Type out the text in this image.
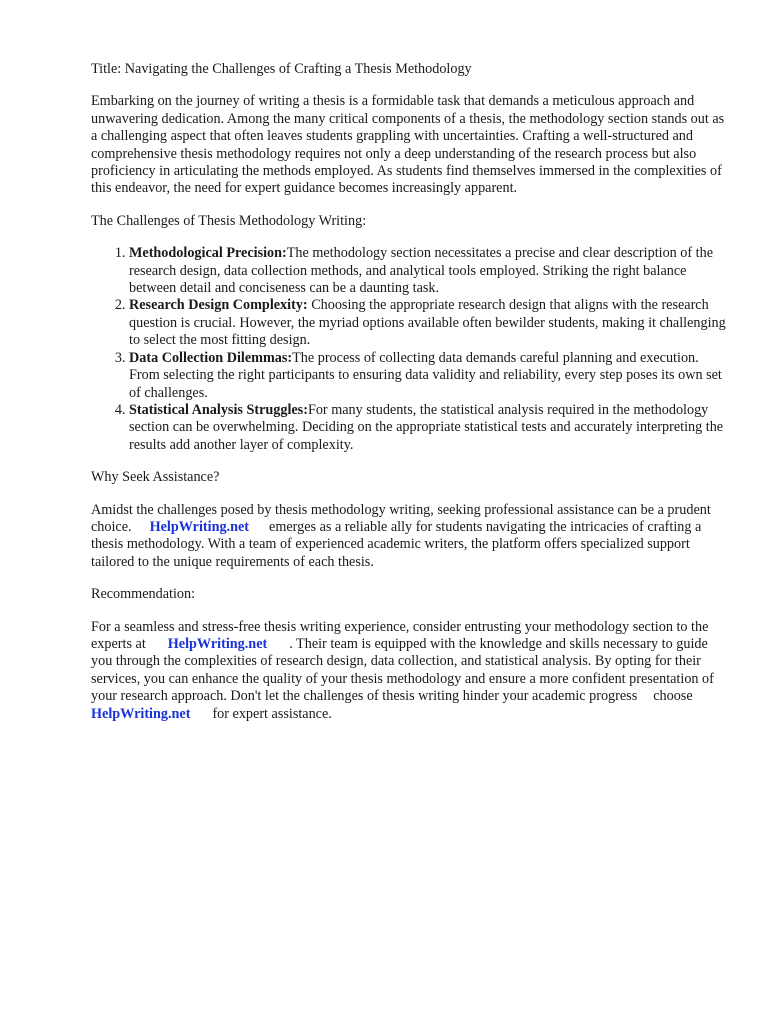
Title: Navigating the Challenges of Crafting a Thesis Methodology

Embarking on the journey of writing a thesis is a formidable task that demands a meticulous approach and unwavering dedication. Among the many critical components of a thesis, the methodology section stands out as a challenging aspect that often leaves students grappling with uncertainties. Crafting a well-structured and comprehensive thesis methodology requires not only a deep understanding of the research process but also proficiency in articulating the methods employed. As students find themselves immersed in the complexities of this endeavor, the need for expert guidance becomes increasingly apparent.

The Challenges of Thesis Methodology Writing:

1. Methodological Precision:The methodology section necessitates a precise and clear description of the research design, data collection methods, and analytical tools employed. Striking the right balance between detail and conciseness can be a daunting task.
2. Research Design Complexity: Choosing the appropriate research design that aligns with the research question is crucial. However, the myriad options available often bewilder students, making it challenging to select the most fitting design.
3. Data Collection Dilemmas:The process of collecting data demands careful planning and execution. From selecting the right participants to ensuring data validity and reliability, every step poses its own set of challenges.
4. Statistical Analysis Struggles:For many students, the statistical analysis required in the methodology section can be overwhelming. Deciding on the appropriate statistical tests and accurately interpreting the results add another layer of complexity.

Why Seek Assistance?

Amidst the challenges posed by thesis methodology writing, seeking professional assistance can be a prudent choice. HelpWriting.net emerges as a reliable ally for students navigating the intricacies of crafting a thesis methodology. With a team of experienced academic writers, the platform offers specialized support tailored to the unique requirements of each thesis.

Recommendation:

For a seamless and stress-free thesis writing experience, consider entrusting your methodology section to the experts at HelpWriting.net . Their team is equipped with the knowledge and skills necessary to guide you through the complexities of research design, data collection, and statistical analysis. By opting for their services, you can enhance the quality of your thesis methodology and ensure a more confident presentation of your research approach. Don't let the challenges of thesis writing hinder your academic progress chooseHelpWriting.net for expert assistance.
